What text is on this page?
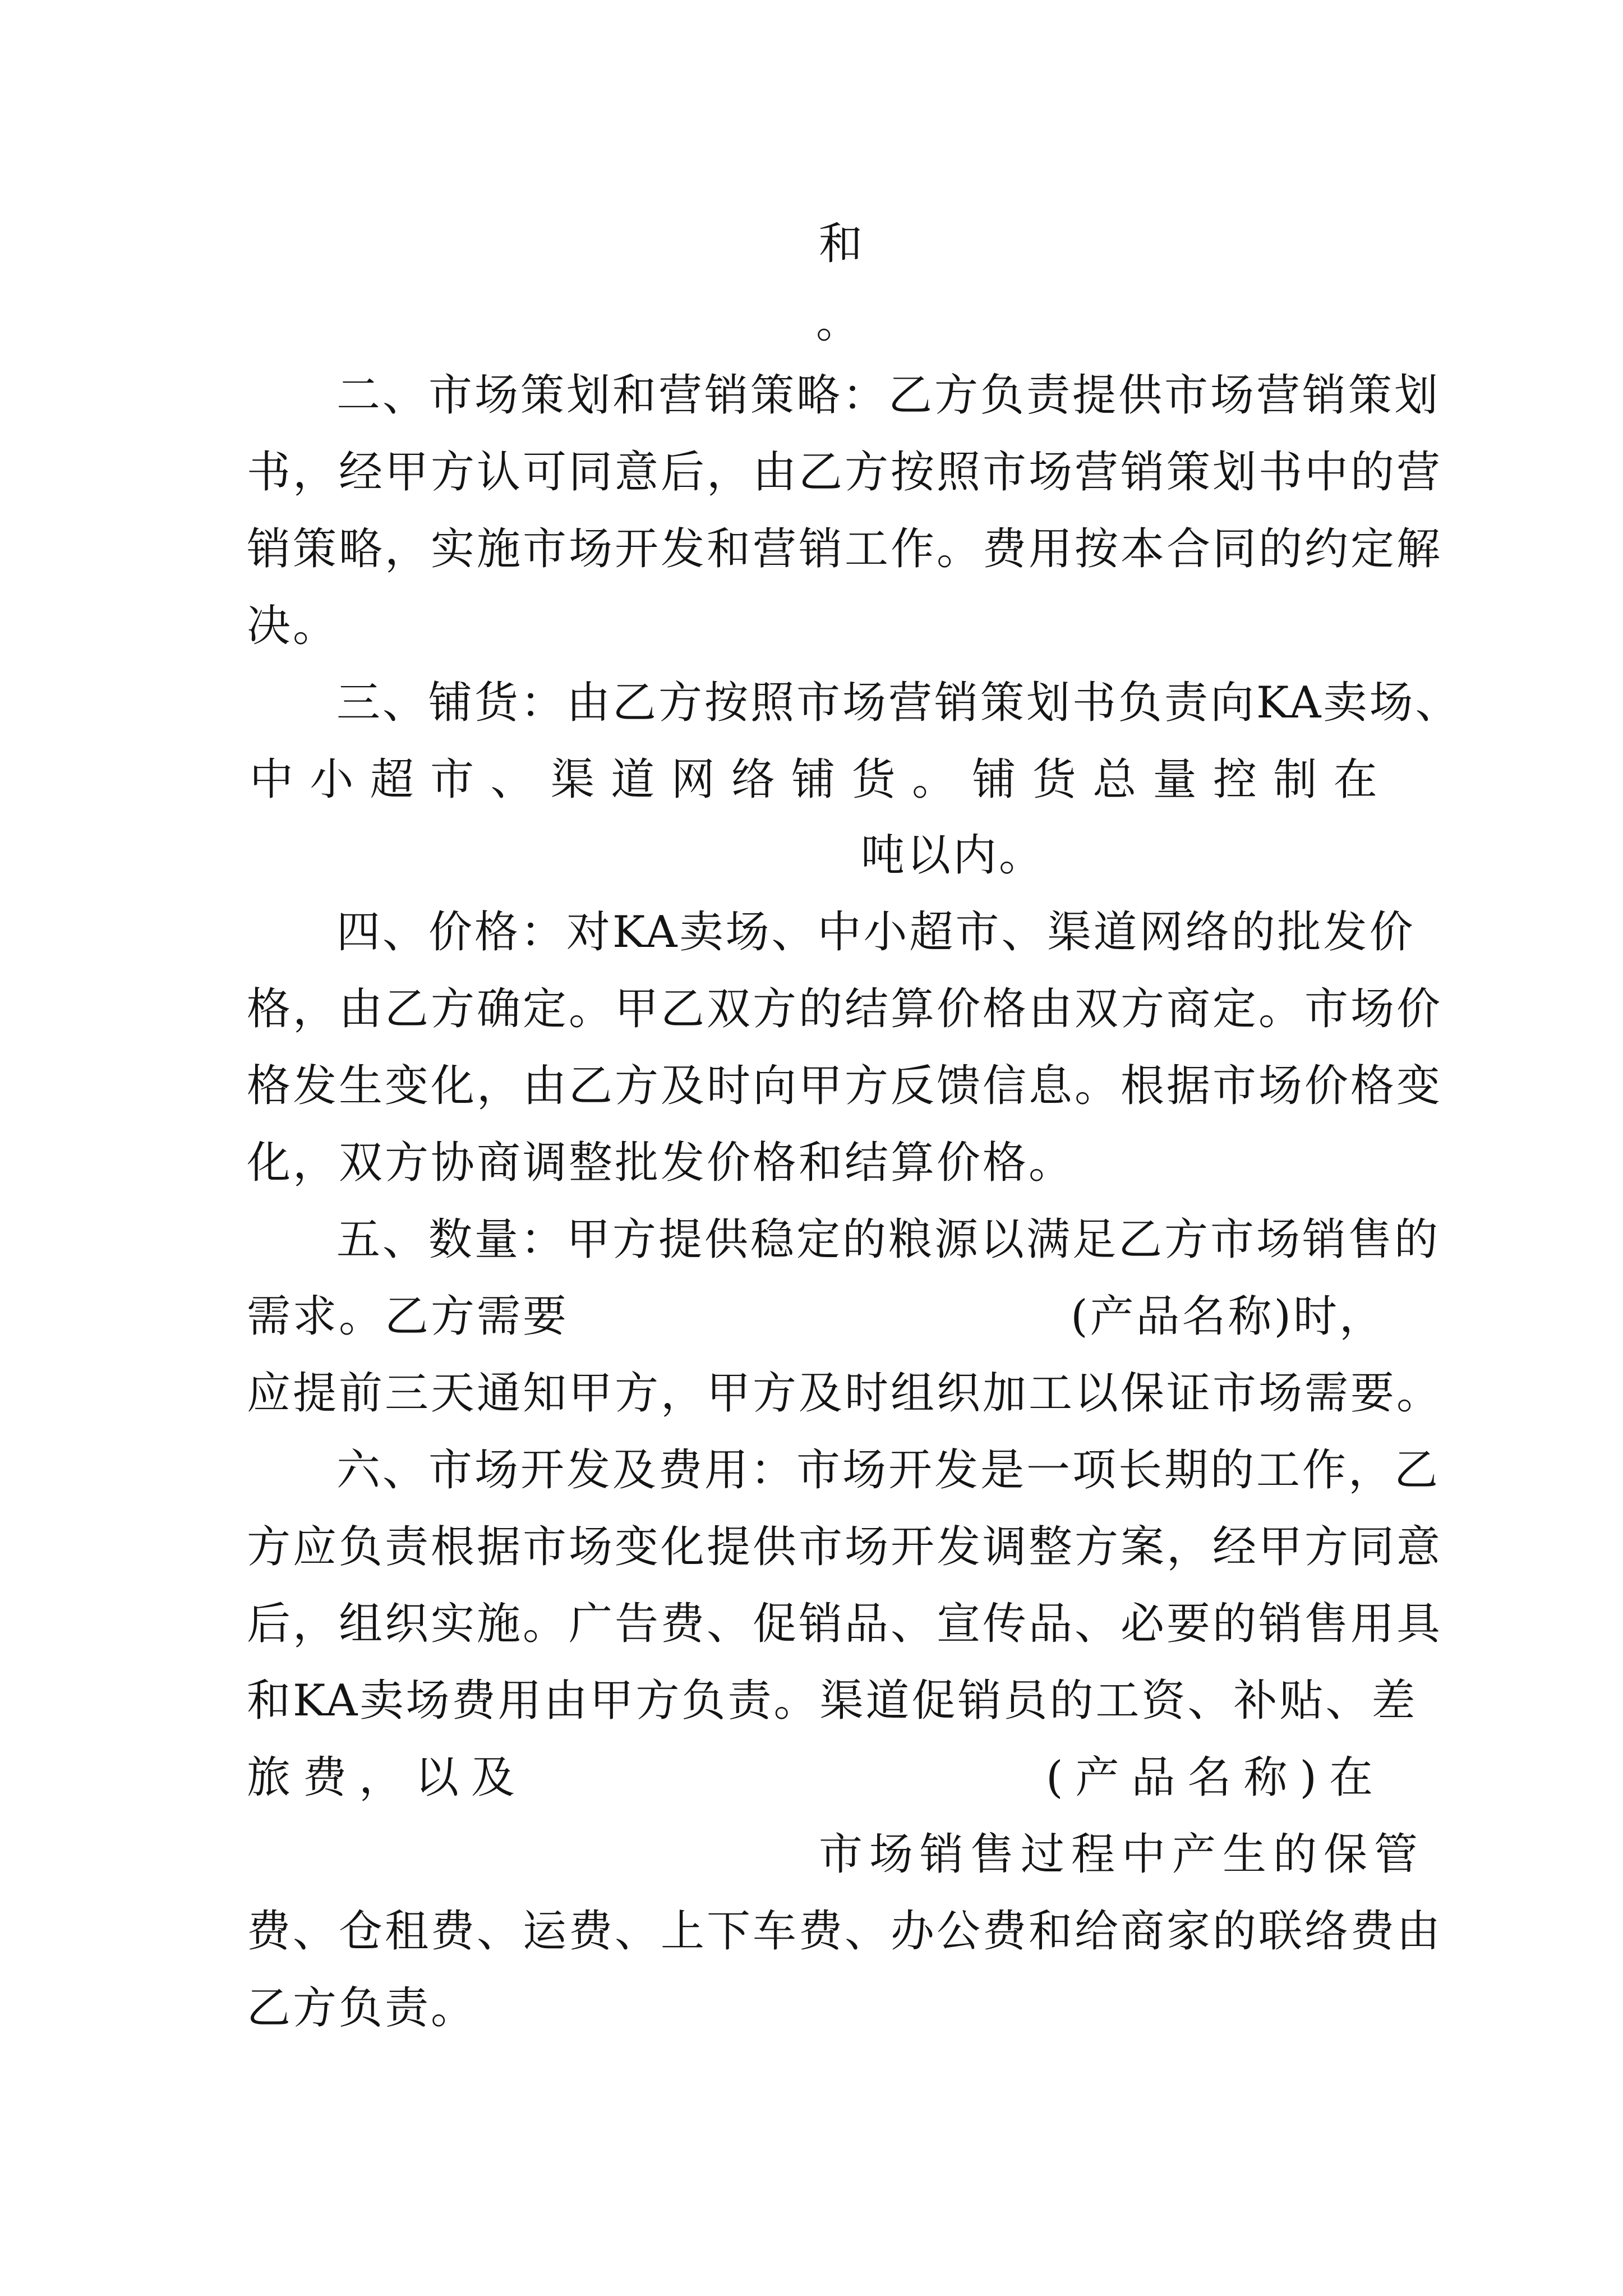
和
。
二、市场策划和营销策略：乙方负责提供市场营销策划
书，经甲方认可同意后，由乙方按照市场营销策划书中的营
销策略，实施市场开发和营销工作。费用按本合同的约定解
决。
三、铺货：由乙方按照市场营销策划书负责向KA卖场、
中 小 超 市 、 渠 道 网 络 铺 货 。 铺 货 总 量 控 制 在
吨以内。
四、价格：对KA卖场、中小超市、渠道网络的批发价
格，由乙方确定。甲乙双方的结算价格由双方商定。市场价
格发生变化，由乙方及时向甲方反馈信息。根据市场价格变
化，双方协商调整批发价格和结算价格。
五、数量：甲方提供稳定的粮源以满足乙方市场销售的
需求。乙方需要	(产品名称)时，
应提前三天通知甲方，甲方及时组织加工以保证市场需要。
六、市场开发及费用：市场开发是一项长期的工作，乙
方应负责根据市场变化提供市场开发调整方案，经甲方同意
后，组织实施。广告费、促销品、宣传品、必要的销售用具
和KA卖场费用由甲方负责。渠道促销员的工资、补贴、差
旅费，以及	(产品名称)在
市场销售过程中产生的保管
费、仓租费、运费、上下车费、办公费和给商家的联络费由
乙方负责。
